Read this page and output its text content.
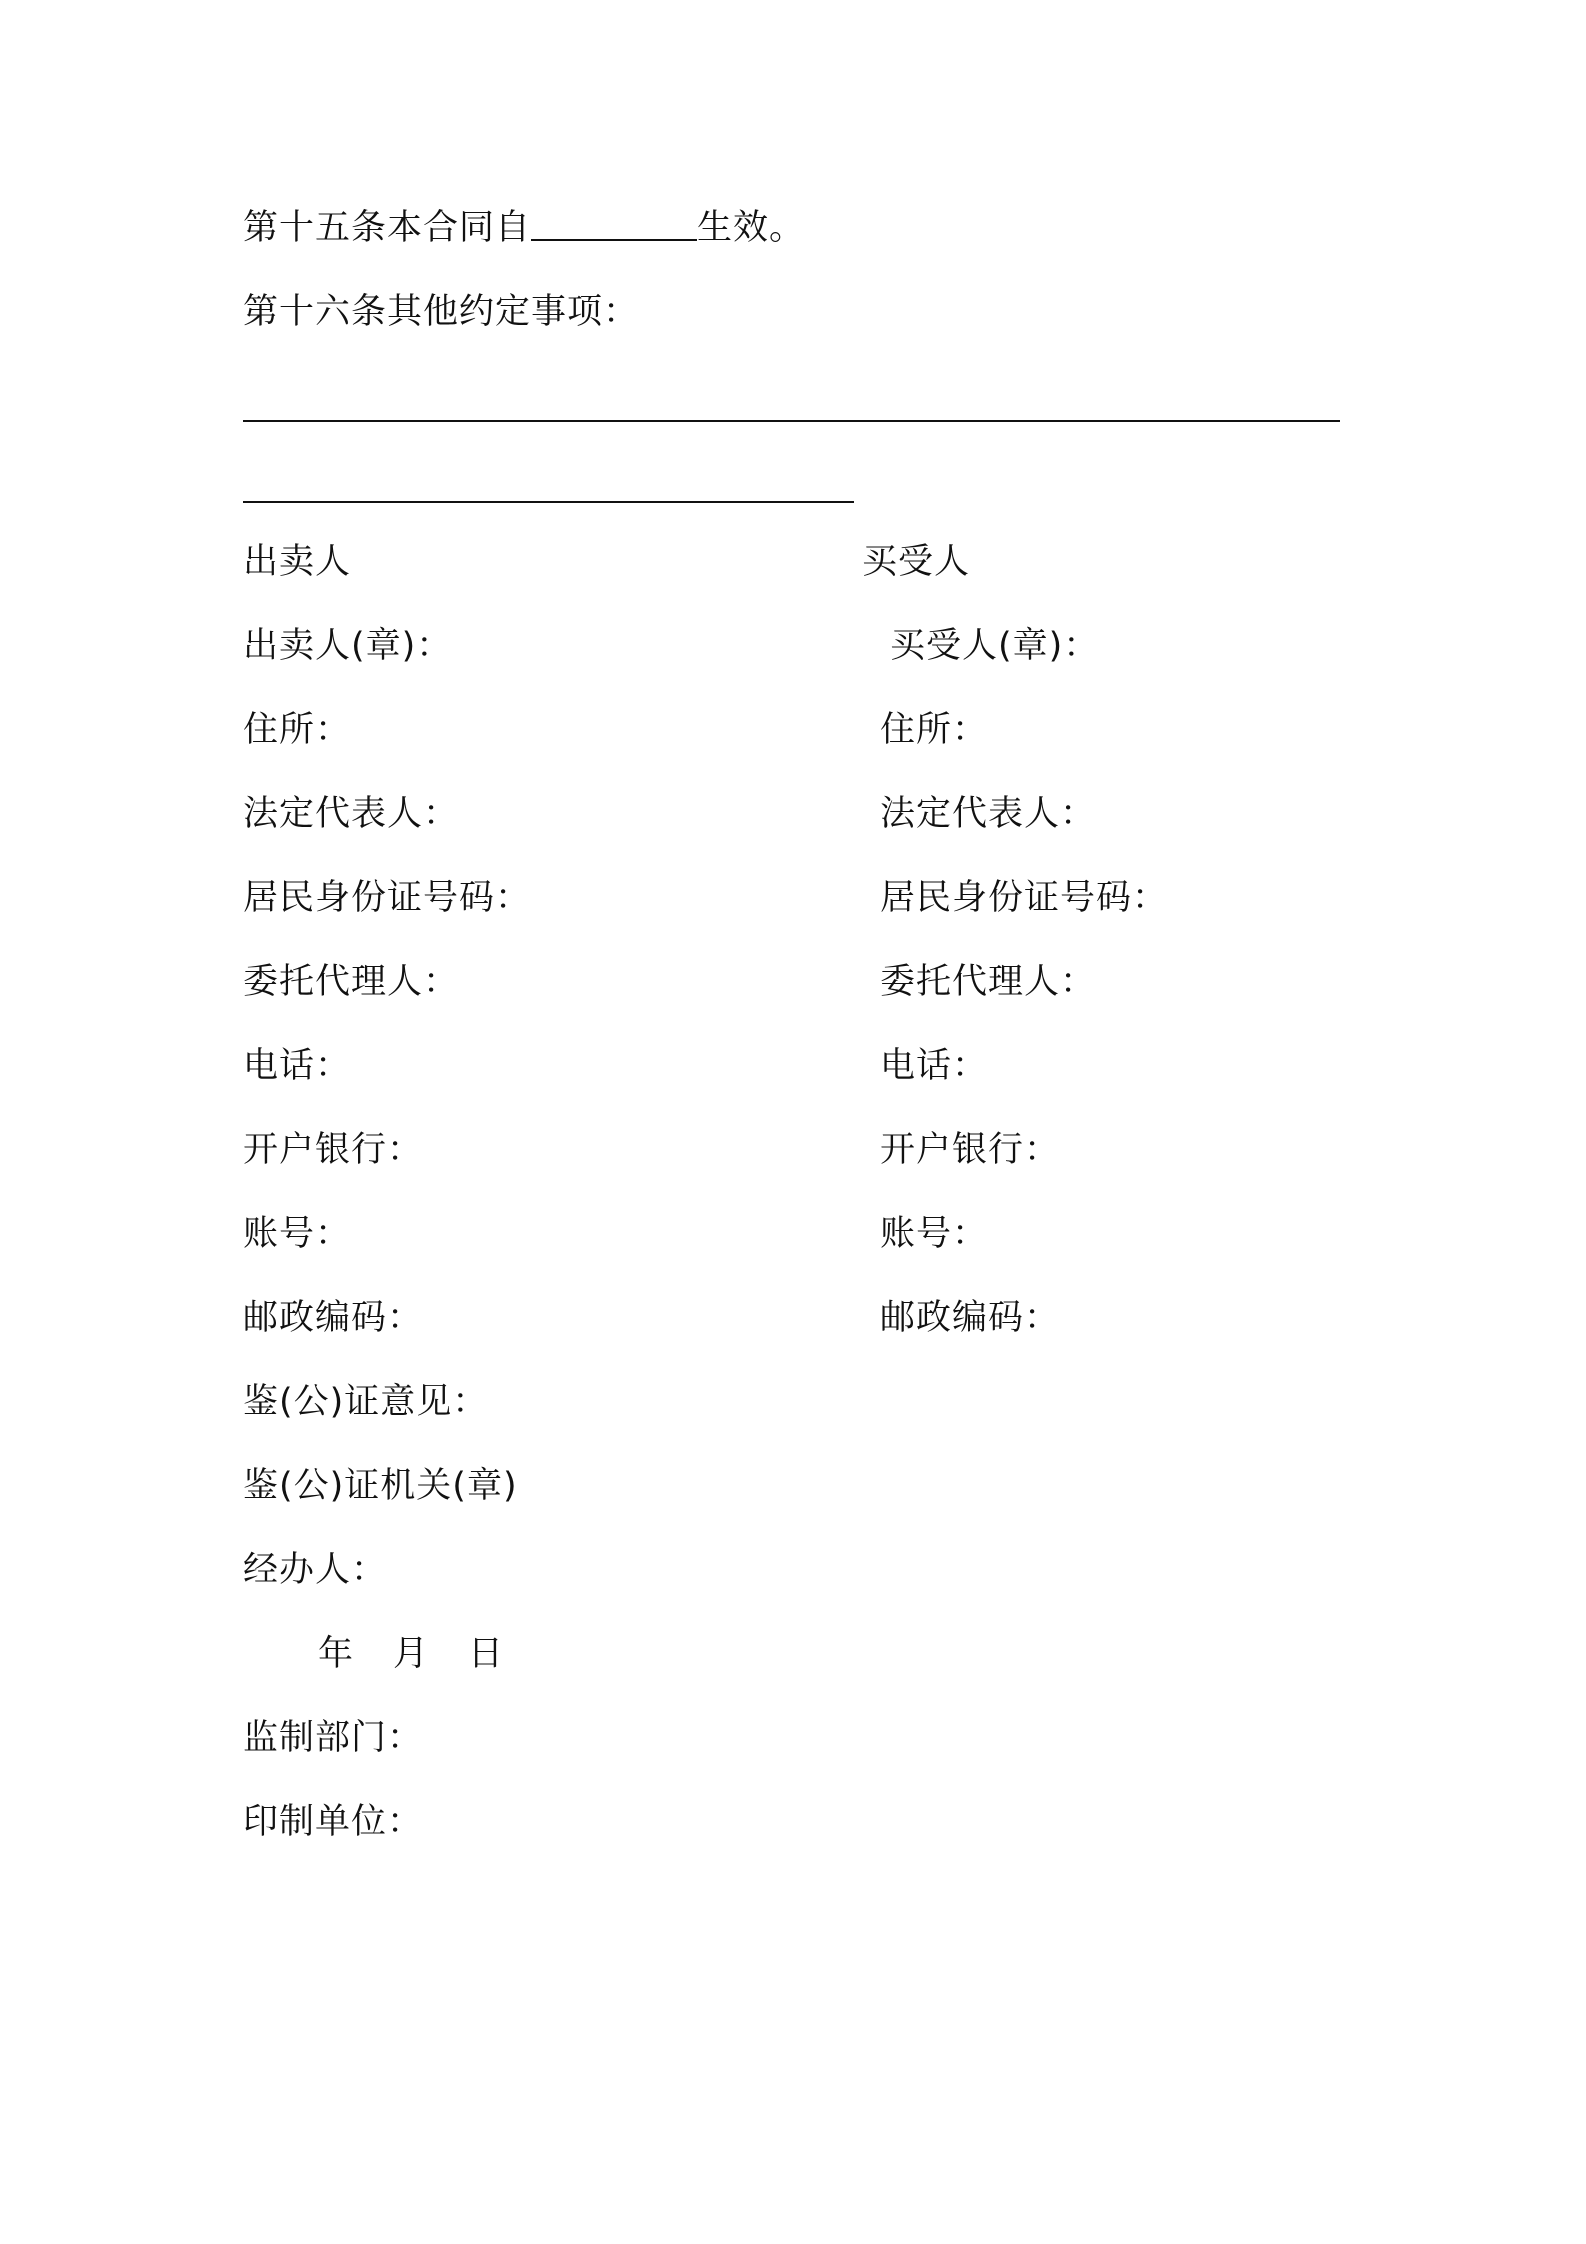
第十五条本合同自	生效。
第十六条其他约定事项：
出卖人	买受人
出卖人(章)：
住所：
法定代表人：
居民身份证号码：
委托代理人：
电话：
开户银行：
账号：
邮政编码：
买受人(章)：
住所：
法定代表人：
居民身份证号码：
委托代理人：
电话：
开户银行：
账号：
邮政编码：
鉴(公)证意见：
鉴(公)证机关(章)
经办人：
年 月 日
监制部门：
印制单位：
